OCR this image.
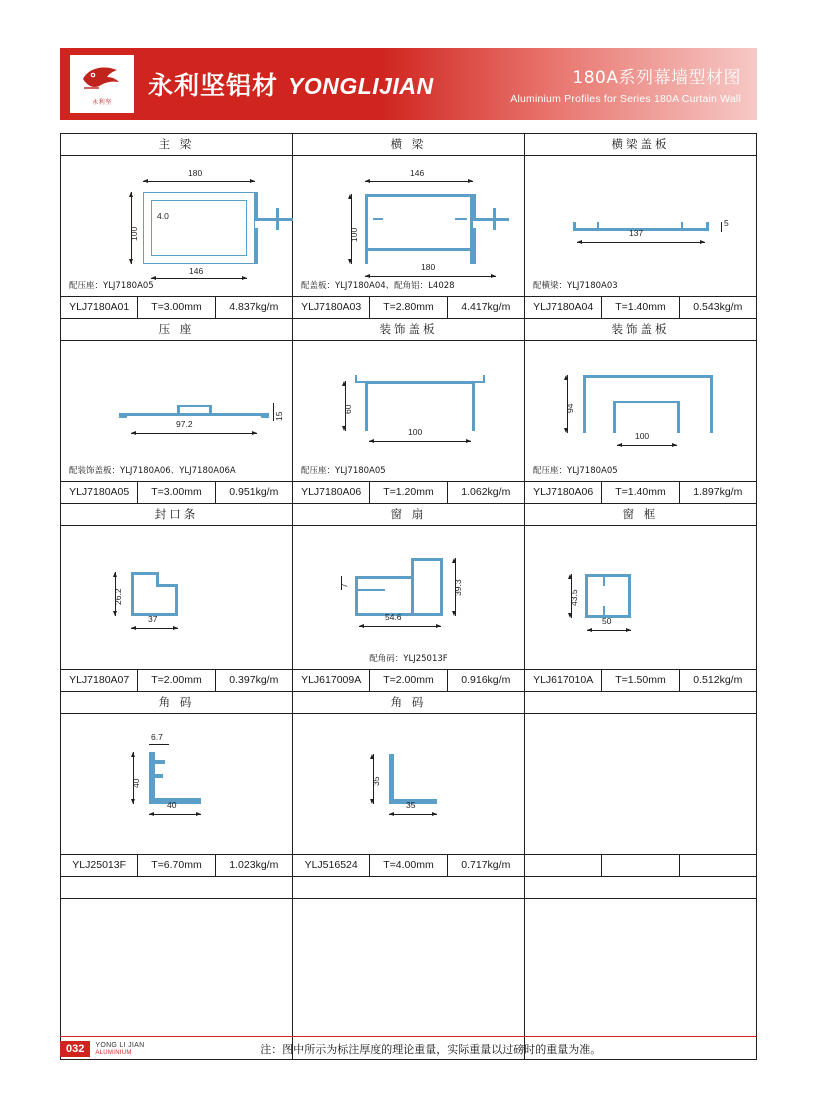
永利坚
永利坚铝材 YONGLIJIAN	180A系列幕墙型材图
Aluminium Profiles for Series 180A Curtain Wall
主 梁			横 梁			横梁盖板		

180
100
4.0
146
配压座：YLJ7180A05

146
100
180
配盖板：YLJ7180A04、配角铝：L4028

137
5
配横梁：YLJ7180A03

YLJ7180A01	T=3.00mm	4.837kg/m	YLJ7180A03	T=2.80mm	4.417kg/m	YLJ7180A04	T=1.40mm	0.543kg/m
压 座			装饰盖板			装饰盖板		

97.2
15
配装饰盖板：YLJ7180A06、YLJ7180A06A

60
100
配压座：YLJ7180A05

94
100
配压座：YLJ7180A05

YLJ7180A05	T=3.00mm	0.951kg/m	YLJ7180A06	T=1.20mm	1.062kg/m	YLJ7180A06	T=1.40mm	1.897kg/m
封口条			窗 扇			窗 框		

26.2
37

7	39.3
54.6
配角码：YLJ25013F

43.5
50

YLJ7180A07	T=2.00mm	0.397kg/m	YLJ617009A	T=2.00mm	0.916kg/m	YLJ617010A	T=1.50mm	0.512kg/m
角 码			角 码					

6.7
40
40

35
35

YLJ25013F	T=6.70mm	1.023kg/m	YLJ516524	T=4.00mm	0.717kg/m			

032	YONG LI JIAN
ALUMINIUM	注：图中所示为标注厚度的理论重量，实际重量以过磅时的重量为准。
